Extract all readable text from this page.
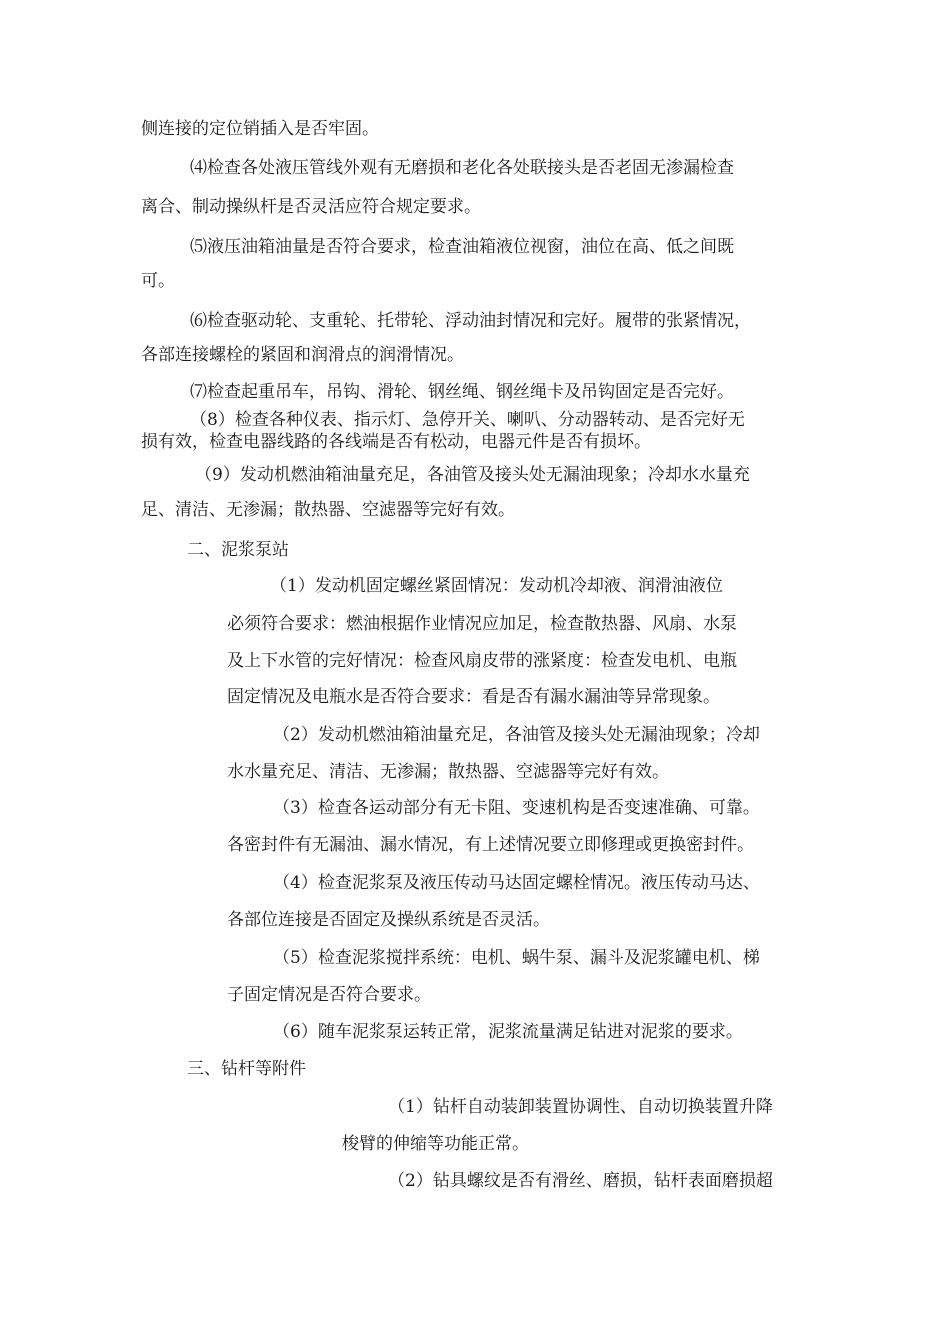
侧连接的定位销插入是否牢固。
⑷检查各处液压管线外观有无磨损和老化各处联接头是否老固无渗漏检查
离合、制动操纵杆是否灵活应符合规定要求。
⑸液压油箱油量是否符合要求，检查油箱液位视窗，油位在高、低之间既
可。
⑹检查驱动轮、支重轮、托带轮、浮动油封情况和完好。履带的张紧情况，
各部连接螺栓的紧固和润滑点的润滑情况。
⑺检查起重吊车，吊钩、滑轮、钢丝绳、钢丝绳卡及吊钩固定是否完好。
（8）检查各种仪表、指示灯、急停开关、喇叭、分动器转动、是否完好无
损有效，检查电器线路的各线端是否有松动，电器元件是否有损坏。
（9）发动机燃油箱油量充足，各油管及接头处无漏油现象；冷却水水量充
足、清洁、无渗漏；散热器、空滤器等完好有效。
二、泥浆泵站
（1）发动机固定螺丝紧固情况：发动机冷却液、润滑油液位
必须符合要求：燃油根据作业情况应加足，检查散热器、风扇、水泵
及上下水管的完好情况：检查风扇皮带的涨紧度：检查发电机、电瓶
固定情况及电瓶水是否符合要求：看是否有漏水漏油等异常现象。
（2）发动机燃油箱油量充足，各油管及接头处无漏油现象；冷却
水水量充足、清洁、无渗漏；散热器、空滤器等完好有效。
（3）检查各运动部分有无卡阻、变速机构是否变速准确、可靠。
各密封件有无漏油、漏水情况，有上述情况要立即修理或更换密封件。
（4）检查泥浆泵及液压传动马达固定螺栓情况。液压传动马达、
各部位连接是否固定及操纵系统是否灵活。
（5）检查泥浆搅拌系统：电机、蜗牛泵、漏斗及泥浆罐电机、梯
子固定情况是否符合要求。
（6）随车泥浆泵运转正常，泥浆流量满足钻进对泥浆的要求。
三、钻杆等附件
（1）钻杆自动装卸装置协调性、自动切换装置升降
梭臂的伸缩等功能正常。
（2）钻具螺纹是否有滑丝、磨损，钻杆表面磨损超
